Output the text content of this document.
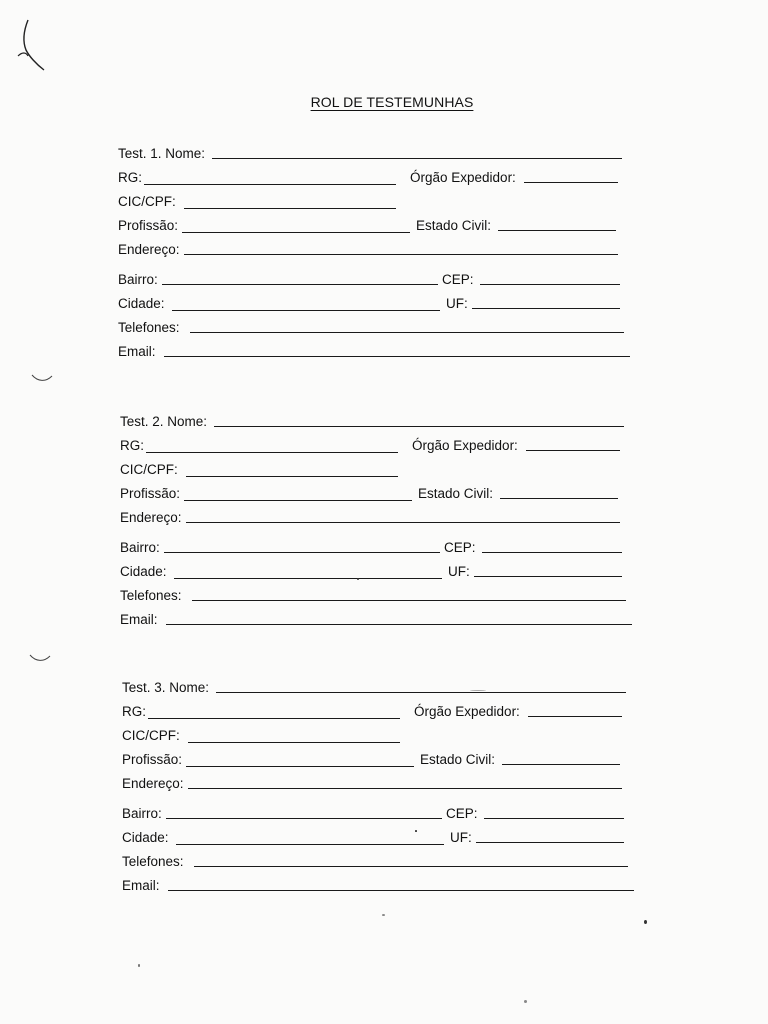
ROL DE TESTEMUNHAS
Test. 1. Nome:
RG:	Órgão Expedidor:
CIC/CPF:
Profissão:	Estado Civil:
Endereço:
Bairro:	CEP:
Cidade:	UF:
Telefones:
Email:
Test. 2. Nome:
RG:	Órgão Expedidor:
CIC/CPF:
Profissão:	Estado Civil:
Endereço:
Bairro:	CEP:
Cidade:	UF:
Telefones:
Email:
Test. 3. Nome:
RG:	Órgão Expedidor:
CIC/CPF:
Profissão:	Estado Civil:
Endereço:
Bairro:	CEP:
Cidade:	UF:
Telefones:
Email:
